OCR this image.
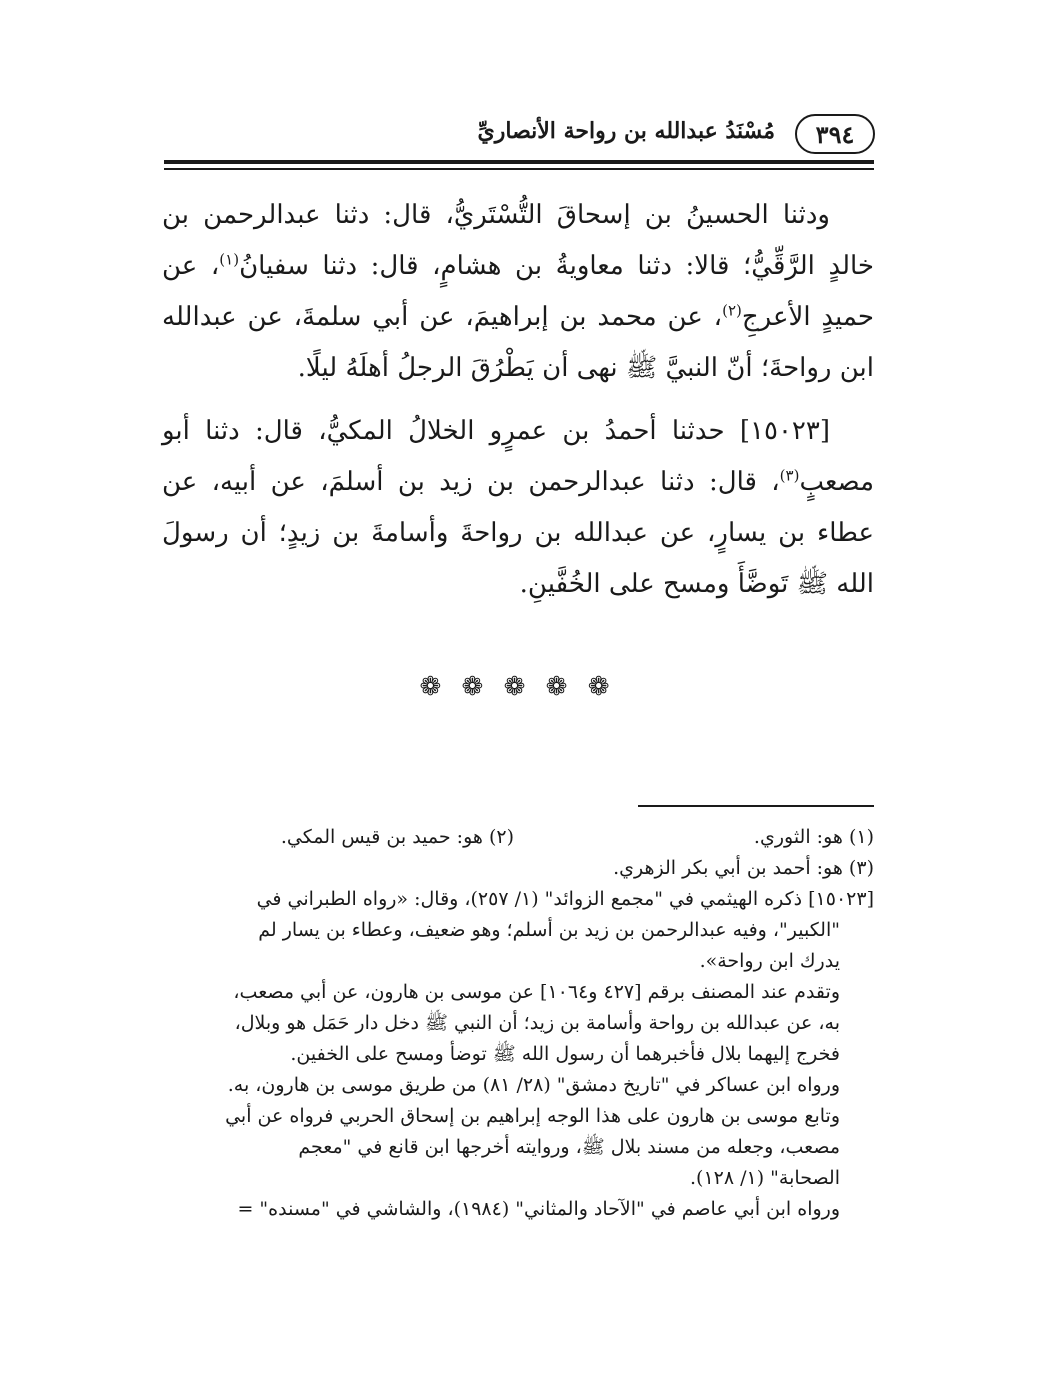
٣٩٤
مُسْنَدُ عبدالله بن رواحة الأنصاريِّ

ودثنا الحسينُ بن إسحاقَ التُّسْتَريُّ، قال: دثنا عبدالرحمن بن خالدٍ الرَّقِّيُّ؛ قالا: دثنا معاويةُ بن هشامٍ، قال: دثنا سفيانُ$^{(١)}$، عن حميدٍ الأعرجِ$^{(٢)}$، عن محمد بن إبراهيمَ، عن أبي سلمةَ، عن عبدالله ابن رواحةَ؛ أنّ النبيَّ ﷺ نهى أن يَطْرُقَ الرجلُ أهلَهُ ليلًا.

[١٥٠٢٣] حدثنا أحمدُ بن عمرٍو الخلالُ المكيُّ، قال: دثنا أبو مصعبٍ$^{(٣)}$، قال: دثنا عبدالرحمن بن زيد بن أسلمَ، عن أبيه، عن عطاء بن يسارٍ، عن عبدالله بن رواحةَ وأسامةَ بن زيدٍ؛ أن رسولَ الله ﷺ تَوضَّأَ ومسح على الخُفَّينِ.

❁ ❁ ❁ ❁ ❁
(١) هو: الثوري.
(٢) هو: حميد بن قيس المكي.

(٣) هو: أحمد بن أبي بكر الزهري.

[١٥٠٢٣] ذكره الهيثمي في "مجمع الزوائد" (١/ ٢٥٧)، وقال: «رواه الطبراني في

"الكبير"، وفيه عبدالرحمن بن زيد بن أسلم؛ وهو ضعيف، وعطاء بن يسار لم

يدرك ابن رواحة».

وتقدم عند المصنف برقم [٤٢٧ و١٠٦٤] عن موسى بن هارون، عن أبي مصعب،

به، عن عبدالله بن رواحة وأسامة بن زيد؛ أن النبي ﷺ دخل دار حَمَل هو وبلال،

فخرج إليهما بلال فأخبرهما أن رسول الله ﷺ توضأ ومسح على الخفين.

ورواه ابن عساكر في "تاريخ دمشق" (٢٨/ ٨١) من طريق موسى بن هارون، به.

وتابع موسى بن هارون على هذا الوجه إبراهيم بن إسحاق الحربي فرواه عن أبي

مصعب، وجعله من مسند بلال ﷺ، وروايته أخرجها ابن قانع في "معجم

الصحابة" (١/ ١٢٨).

ورواه ابن أبي عاصم في "الآحاد والمثاني" (١٩٨٤)، والشاشي في "مسنده" =
